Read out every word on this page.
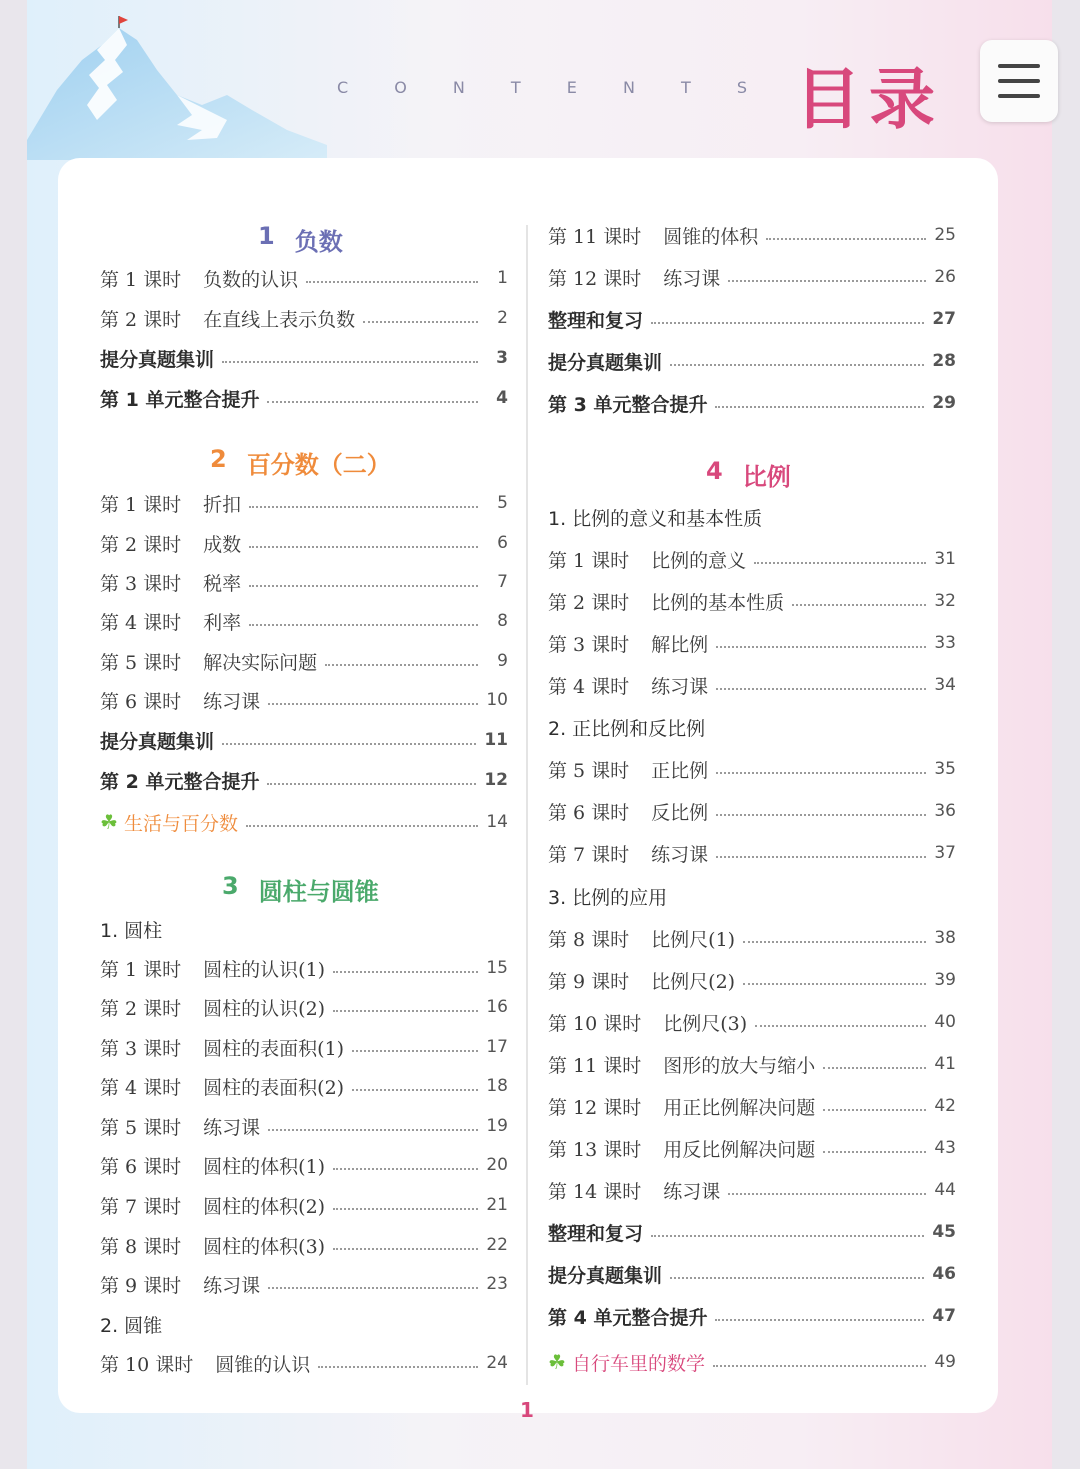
C	O	N	T	E	N	T	S 目录
1 负数
2 百分数（二）
3 圆柱与圆锥
4 比例
1. 圆柱
2. 圆锥
1. 比例的意义和基本性质
2. 正比例和反比例
3. 比例的应用
第 1 课时 负数的认识	1
第 2 课时 在直线上表示负数	2
提分真题集训	3
第 1 单元整合提升	4
第 1 课时 折扣	5
第 2 课时 成数	6
第 3 课时 税率	7
第 4 课时 利率	8
第 5 课时 解决实际问题	9
第 6 课时 练习课	10
提分真题集训	11
第 2 单元整合提升	12
☘ 生活与百分数	14
第 1 课时 圆柱的认识(1)	15
第 2 课时 圆柱的认识(2)	16
第 3 课时 圆柱的表面积(1)	17
第 4 课时 圆柱的表面积(2)	18
第 5 课时 练习课	19
第 6 课时 圆柱的体积(1)	20
第 7 课时 圆柱的体积(2)	21
第 8 课时 圆柱的体积(3)	22
第 9 课时 练习课	23
第 10 课时 圆锥的认识	24
第 11 课时 圆锥的体积	25
第 12 课时 练习课	26
整理和复习	27
提分真题集训	28
第 3 单元整合提升	29
第 1 课时 比例的意义	31
第 2 课时 比例的基本性质	32
第 3 课时 解比例	33
第 4 课时 练习课	34
第 5 课时 正比例	35
第 6 课时 反比例	36
第 7 课时 练习课	37
第 8 课时 比例尺(1)	38
第 9 课时 比例尺(2)	39
第 10 课时 比例尺(3)	40
第 11 课时 图形的放大与缩小	41
第 12 课时 用正比例解决问题	42
第 13 课时 用反比例解决问题	43
第 14 课时 练习课	44
整理和复习	45
提分真题集训	46
第 4 单元整合提升	47
☘ 自行车里的数学	49
1
